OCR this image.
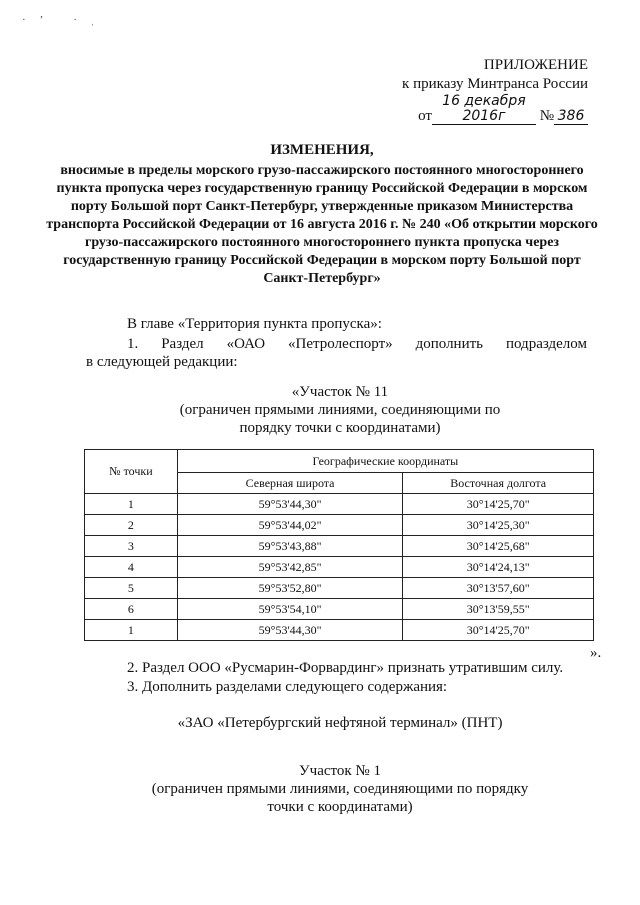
·’ ·ˌ
ПРИЛОЖЕНИЕ
к приказу Минтранса России
от16 декабря 2016г № 386
ИЗМЕНЕНИЯ,
вносимые в пределы морского грузо-пассажирского постоянного многостороннего пункта пропуска через государственную границу Российской Федерации в морском порту Большой порт Санкт-Петербург, утвержденные приказом Министерства транспорта Российской Федерации от 16 августа 2016 г. № 240 «Об открытии морского грузо-пассажирского постоянного многостороннего пункта пропуска через государственную границу Российской Федерации в морском порту Большой порт Санкт-Петербург»
В главе «Территория пункта пропуска»:
1.   Раздел   «ОАО   «Петролеспорт»   дополнить   подразделом
в следующей редакции:
«Участок № 11
(ограничен прямыми линиями, соединяющими по порядку точки с координатами)
№ точки	Географические координаты	
	Северная широта	Восточная долгота
1	59°53'44,30"	30°14'25,70"
2	59°53'44,02"	30°14'25,30"
3	59°53'43,88"	30°14'25,68"
4	59°53'42,85"	30°14'24,13"
5	59°53'52,80"	30°13'57,60"
6	59°53'54,10"	30°13'59,55"
1	59°53'44,30"	30°14'25,70"
».
2. Раздел ООО «Русмарин-Форвардинг» признать утратившим силу.
3. Дополнить разделами следующего содержания:
«ЗАО «Петербургский нефтяной терминал» (ПНТ)
Участок № 1
(ограничен прямыми линиями, соединяющими по порядку точки с координатами)
